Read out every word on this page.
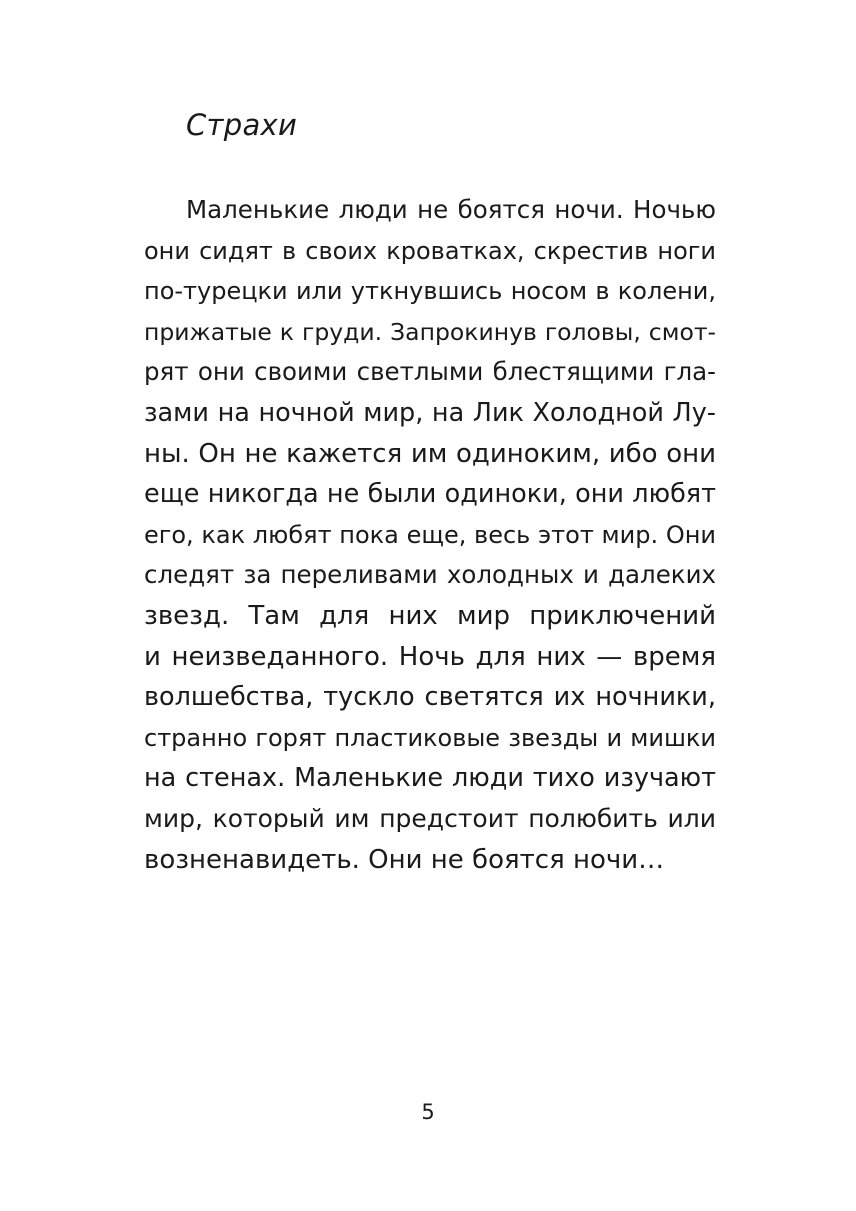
Страхи
Маленькие люди не боятся ночи. Ночью
они сидят в своих кроватках, скрестив ноги
по-турецки или уткнувшись носом в колени,
прижатые к груди. Запрокинув головы, смот-
рят они своими светлыми блестящими гла-
зами на ночной мир, на Лик Холодной Лу-
ны. Он не кажется им одиноким, ибо они
еще никогда не были одиноки, они любят
его, как любят пока еще, весь этот мир. Они
следят за переливами холодных и далеких
звезд. Там для них мир приключений
и неизведанного. Ночь для них — время
волшебства, тускло светятся их ночники,
странно горят пластиковые звезды и мишки
на стенах. Маленькие люди тихо изучают
мир, который им предстоит полюбить или
возненавидеть. Они не боятся ночи…
5
